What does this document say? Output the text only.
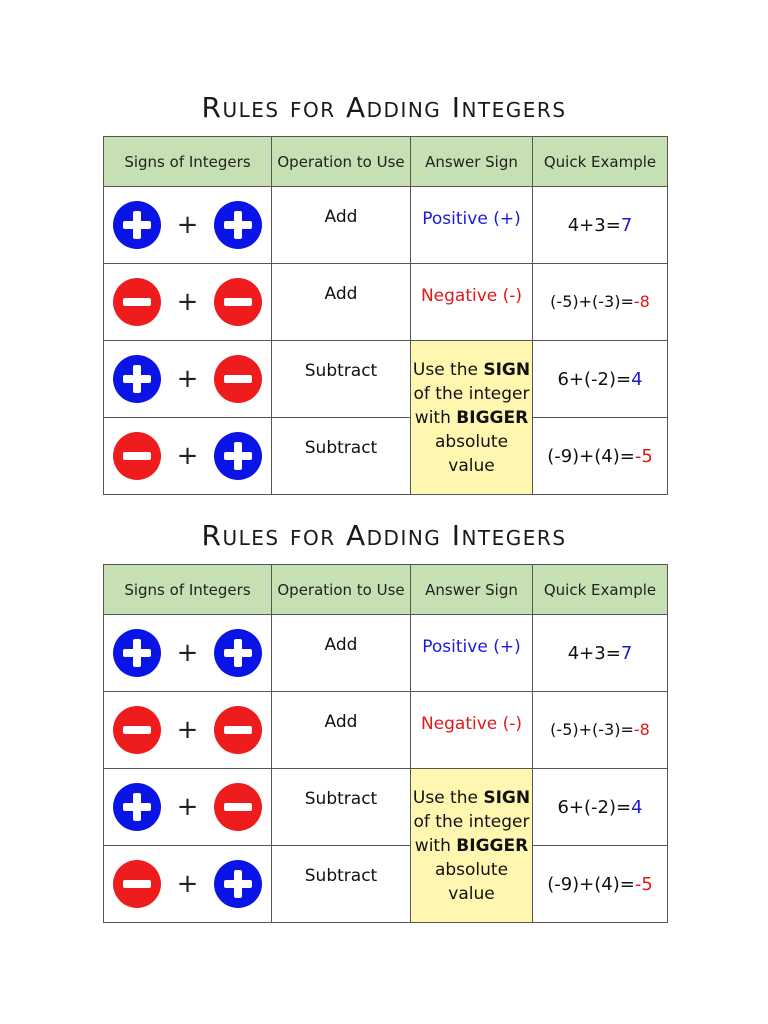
Rules for Adding Integers
Signs of Integers	Operation to Use	Answer Sign	Quick Example

+	Add	Positive (+)	4+3=7

+	Add	Negative (-)	(-5)+(-3)=-8

+	Subtract	Use the SIGN
of the integer
with BIGGER
absolute value	6+(-2)=4

+	Subtract		(-9)+(4)=-5
Rules for Adding Integers
Signs of Integers	Operation to Use	Answer Sign	Quick Example

+	Add	Positive (+)	4+3=7

+	Add	Negative (-)	(-5)+(-3)=-8

+	Subtract	Use the SIGN
of the integer
with BIGGER
absolute value	6+(-2)=4

+	Subtract		(-9)+(4)=-5
